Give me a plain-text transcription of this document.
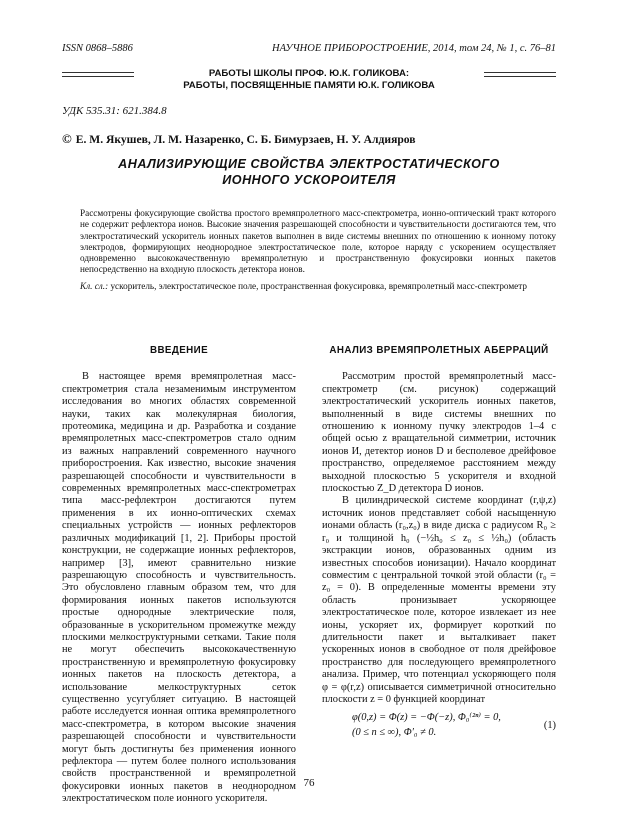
ISSN 0868–5886	НАУЧНОЕ ПРИБОРОСТРОЕНИЕ, 2014, том 24, № 1, c. 76–81
РАБОТЫ ШКОЛЫ ПРОФ. Ю.К. ГОЛИКОВА:
РАБОТЫ, ПОСВЯЩЕННЫЕ ПАМЯТИ Ю.К. ГОЛИКОВА
УДК 535.31: 621.384.8
© Е. М. Якушев, Л. М. Назаренко, С. Б. Бимурзаев, Н. У. Алдияров
АНАЛИЗИРУЮЩИЕ СВОЙСТВА ЭЛЕКТРОСТАТИЧЕСКОГО
ИОННОГО УСКОРОИТЕЛЯ
Рассмотрены фокусирующие свойства простого времяпролетного масс-спектрометра, ионно-оптический тракт которого не содержит рефлектора ионов. Высокие значения разрешающей способности и чувствительности достигаются тем, что электростатический ускоритель ионных пакетов выполнен в виде системы внешних по отношению к ионному потоку электродов, формирующих неоднородное электростатическое поле, которое наряду с ускорением осуществляет одновременно высококачественную времяпролетную и пространственную фокусировки ионных пакетов непосредственно на входную плоскость детектора ионов.
Кл. сл.: ускоритель, электростатическое поле, пространственная фокусировка, времяпролетный масс-спектрометр
ВВЕДЕНИЕ

В настоящее время времяпролетная масс-спектрометрия стала незаменимым инструментом исследования во многих областях современной науки, таких как молекулярная биология, протеомика, медицина и др. Разработка и создание времяпролетных масс-спектрометров стало одним из важных направлений современного научного приборостроения. Как известно, высокие значения разрешающей способности и чувствительности в современных времяпролетных масс-спектрометрах типа масс-рефлектрон достигаются путем применения в их ионно-оптических схемах специальных устройств — ионных рефлекторов различных модификаций [1, 2]. Приборы простой конструкции, не содержащие ионных рефлекторов, например [3], имеют сравнительно низкие разрешающую способность и чувствительность. Это обусловлено главным образом тем, что для формирования ионных пакетов используются простые однородные электрические поля, образованные в ускорительном промежутке между плоскими мелкоструктурными сетками. Такие поля не могут обеспечить высококачественную пространственную и времяпролетную фокусировку ионных пакетов на плоскость детектора, а использование мелкоструктурных сеток существенно усугубляет ситуацию. В настоящей работе исследуется ионная оптика времяпролетного масс-спектрометра, в котором высокие значения разрешающей способности и чувствительности могут быть достигнуты без применения ионного рефлектора — путем более полного использования свойств пространственной и времяпролетной фокусировки ионных пакетов в неоднородном электростатическом поле ионного ускорителя.

АНАЛИЗ ВРЕМЯПРОЛЕТНЫХ АБЕРРАЦИЙ

Рассмотрим простой времяпролетный масс-спектрометр (см. рисунок) содержащий электростатический ускоритель ионных пакетов, выполненный в виде системы внешних по отношению к ионному пучку электродов 1–4 с общей осью z вращательной симметрии, источник ионов И, детектор ионов D и бесполевое дрейфовое пространство, определяемое расстоянием между выходной плоскостью 5 ускорителя и входной плоскостью Z_D детектора D ионов.

В цилиндрической системе координат (r,ψ,z) источник ионов представляет собой насыщенную ионами область (r₀,z₀) в виде диска с радиусом R₀ ≥ r₀ и толщиной h₀ (−½h₀ ≤ z₀ ≤ ½h₀) (область экстракции ионов, образованных одним из известных способов ионизации). Начало координат совместим с центральной точкой этой области (r₀ = z₀ = 0). В определенные моменты времени эту область пронизывает ускоряющее электростатическое поле, которое извлекает из нее ионы, ускоряет их, формирует короткий по длительности пакет и выталкивает пакет ускоренных ионов в свободное от поля дрейфовое пространство для последующего времяпролетного анализа. Пример, что потенциал ускоряющего поля φ = φ(r,z) описывается симметричной относительно плоскости z = 0 функцией координат

φ(0,z) = Φ(z) = −Φ(−z), Φ₀⁽²ⁿ⁾ = 0,
(0 ≤ n ≤ ∞), Φ′₀ ≠ 0.
(1)
76
